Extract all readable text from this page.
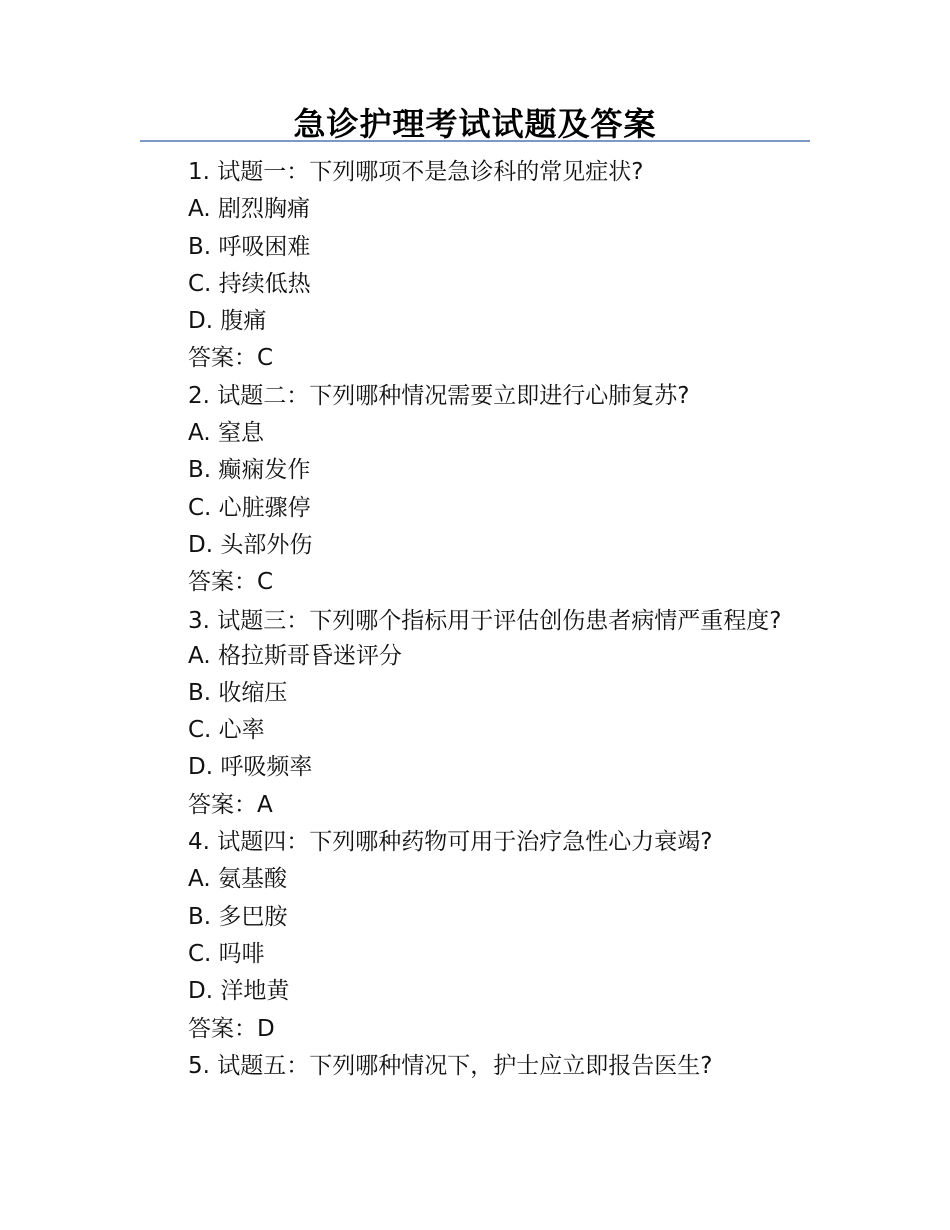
急诊护理考试试题及答案
1. 试题一：下列哪项不是急诊科的常见症状?
A. 剧烈胸痛
B. 呼吸困难
C. 持续低热
D. 腹痛
答案：C
2. 试题二：下列哪种情况需要立即进行心肺复苏?
A. 窒息
B. 癫痫发作
C. 心脏骤停
D. 头部外伤
答案：C
3. 试题三：下列哪个指标用于评估创伤患者病情严重程度?
A. 格拉斯哥昏迷评分
B. 收缩压
C. 心率
D. 呼吸频率
答案：A
4. 试题四：下列哪种药物可用于治疗急性心力衰竭?
A. 氨基酸
B. 多巴胺
C. 吗啡
D. 洋地黄
答案：D
5. 试题五：下列哪种情况下，护士应立即报告医生?
